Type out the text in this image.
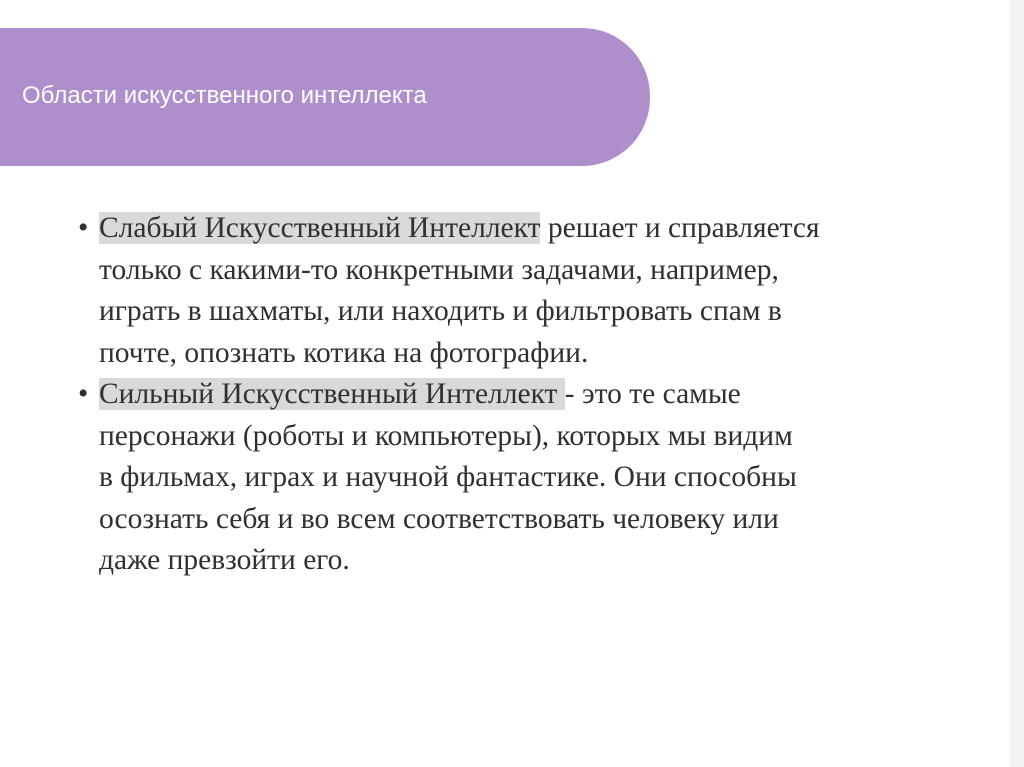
Области искусственного интеллекта
• Слабый Искусственный Интеллект решает и справляется
только с какими-то конкретными задачами, например,
играть в шахматы, или находить и фильтровать спам в
почте, опознать котика на фотографии.
• Сильный Искусственный Интеллект - это те самые
персонажи (роботы и компьютеры), которых мы видим
в фильмах, играх и научной фантастике. Они способны
осознать себя и во всем соответствовать человеку или
даже превзойти его.
